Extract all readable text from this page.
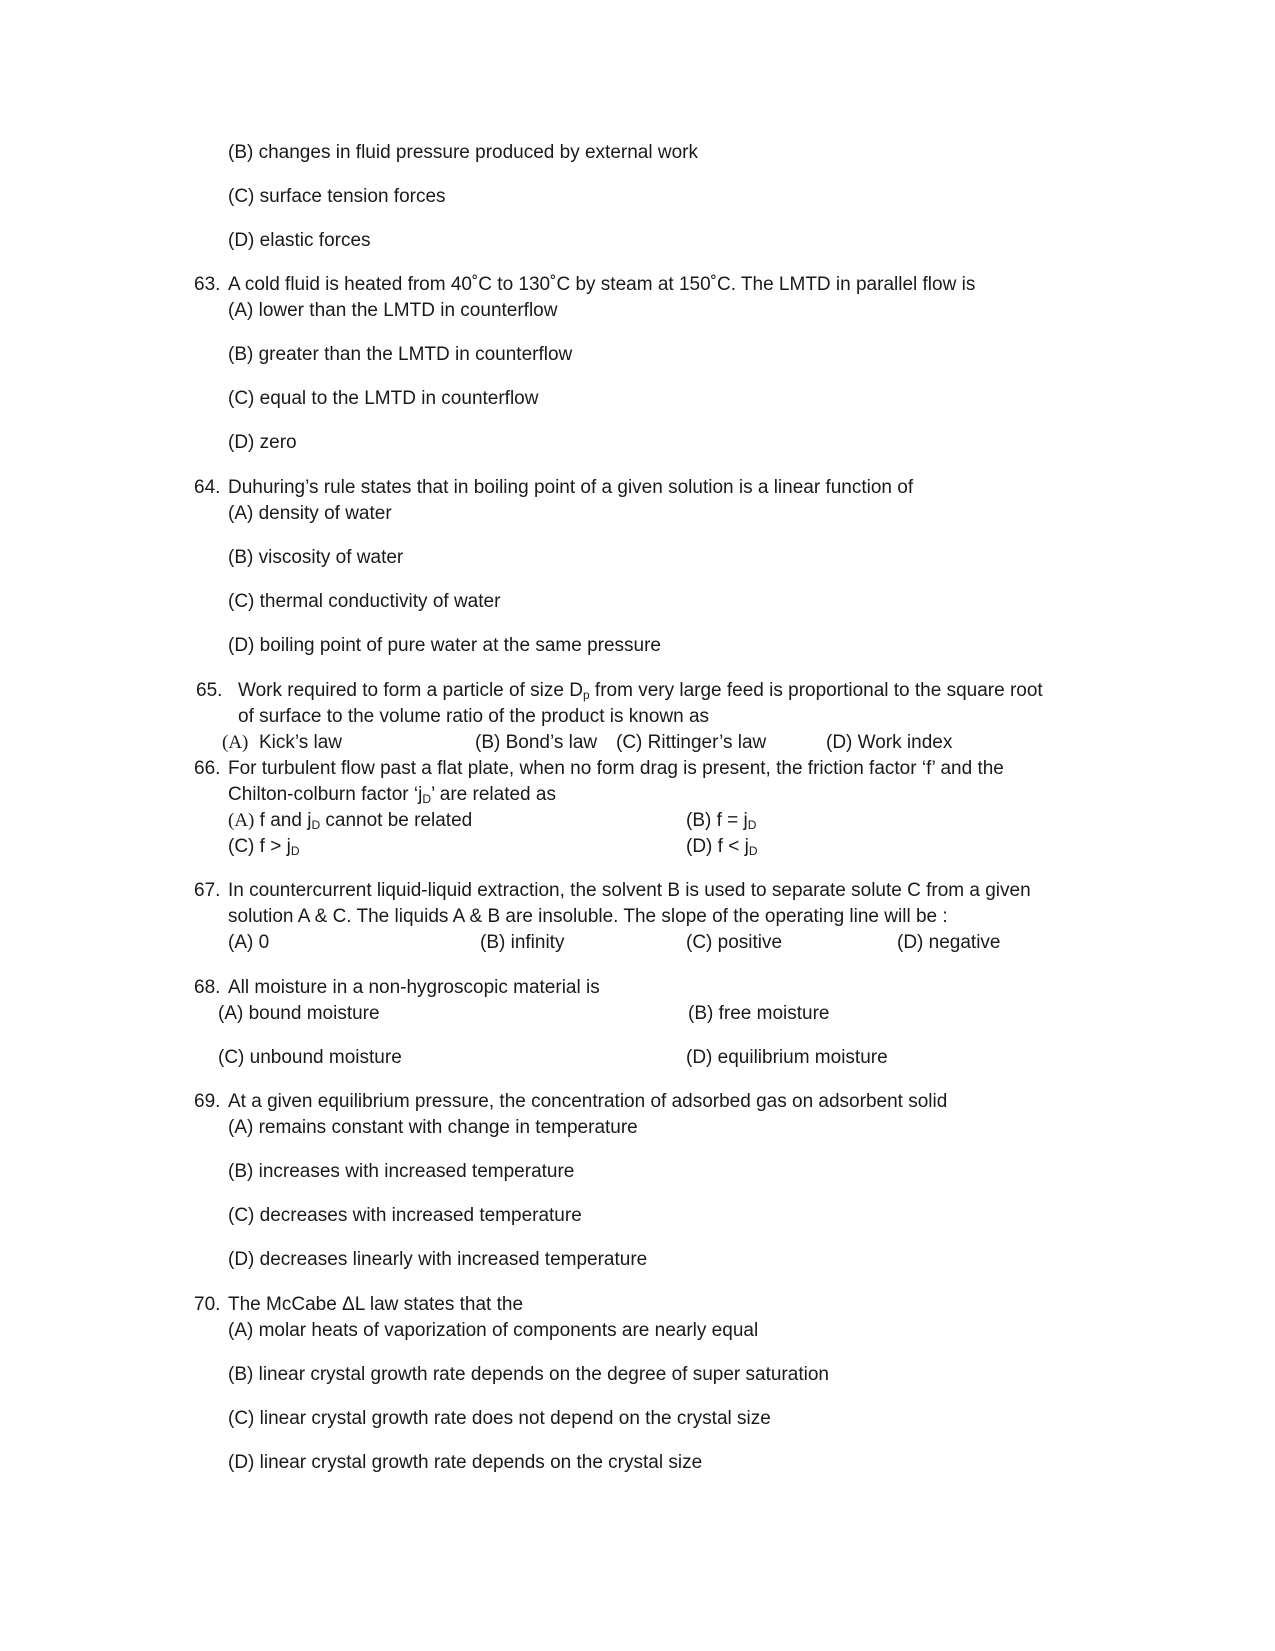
(B) changes in fluid pressure produced by external work
(C) surface tension forces
(D) elastic forces
63. A cold fluid is heated from 40˚C to 130˚C by steam at 150˚C. The LMTD in parallel flow is
(A) lower than the LMTD in counterflow
(B) greater than the LMTD in counterflow
(C) equal to the LMTD in counterflow
(D) zero
64. Duhuring’s rule states that in boiling point of a given solution is a linear function of
(A) density of water
(B) viscosity of water
(C) thermal conductivity of water
(D) boiling point of pure water at the same pressure
65. Work required to form a particle of size $D_p$ from very large feed is proportional to the square root
of surface to the volume ratio of the product is known as
(A) Kick’s law	(B) Bond’s law (C) Rittinger’s law	(D) Work index
66. For turbulent flow past a flat plate, when no form drag is present, the friction factor ‘f’ and the
Chilton-colburn factor ‘$j_D$’ are related as
(A) f and $j_D$ cannot be related	(B) $f = j_D$
(C) $f > j_D$	(D) $f < j_D$
67. In countercurrent liquid-liquid extraction, the solvent B is used to separate solute C from a given
solution A & C. The liquids A & B are insoluble. The slope of the operating line will be :
(A) 0	(B) infinity	(C) positive	(D) negative
68. All moisture in a non-hygroscopic material is
(A) bound moisture	(B) free moisture
(C) unbound moisture	(D) equilibrium moisture
69. At a given equilibrium pressure, the concentration of adsorbed gas on adsorbent solid
(A) remains constant with change in temperature
(B) increases with increased temperature
(C) decreases with increased temperature
(D) decreases linearly with increased temperature
70. The McCabe ΔL law states that the
(A) molar heats of vaporization of components are nearly equal
(B) linear crystal growth rate depends on the degree of super saturation
(C) linear crystal growth rate does not depend on the crystal size
(D) linear crystal growth rate depends on the crystal size
